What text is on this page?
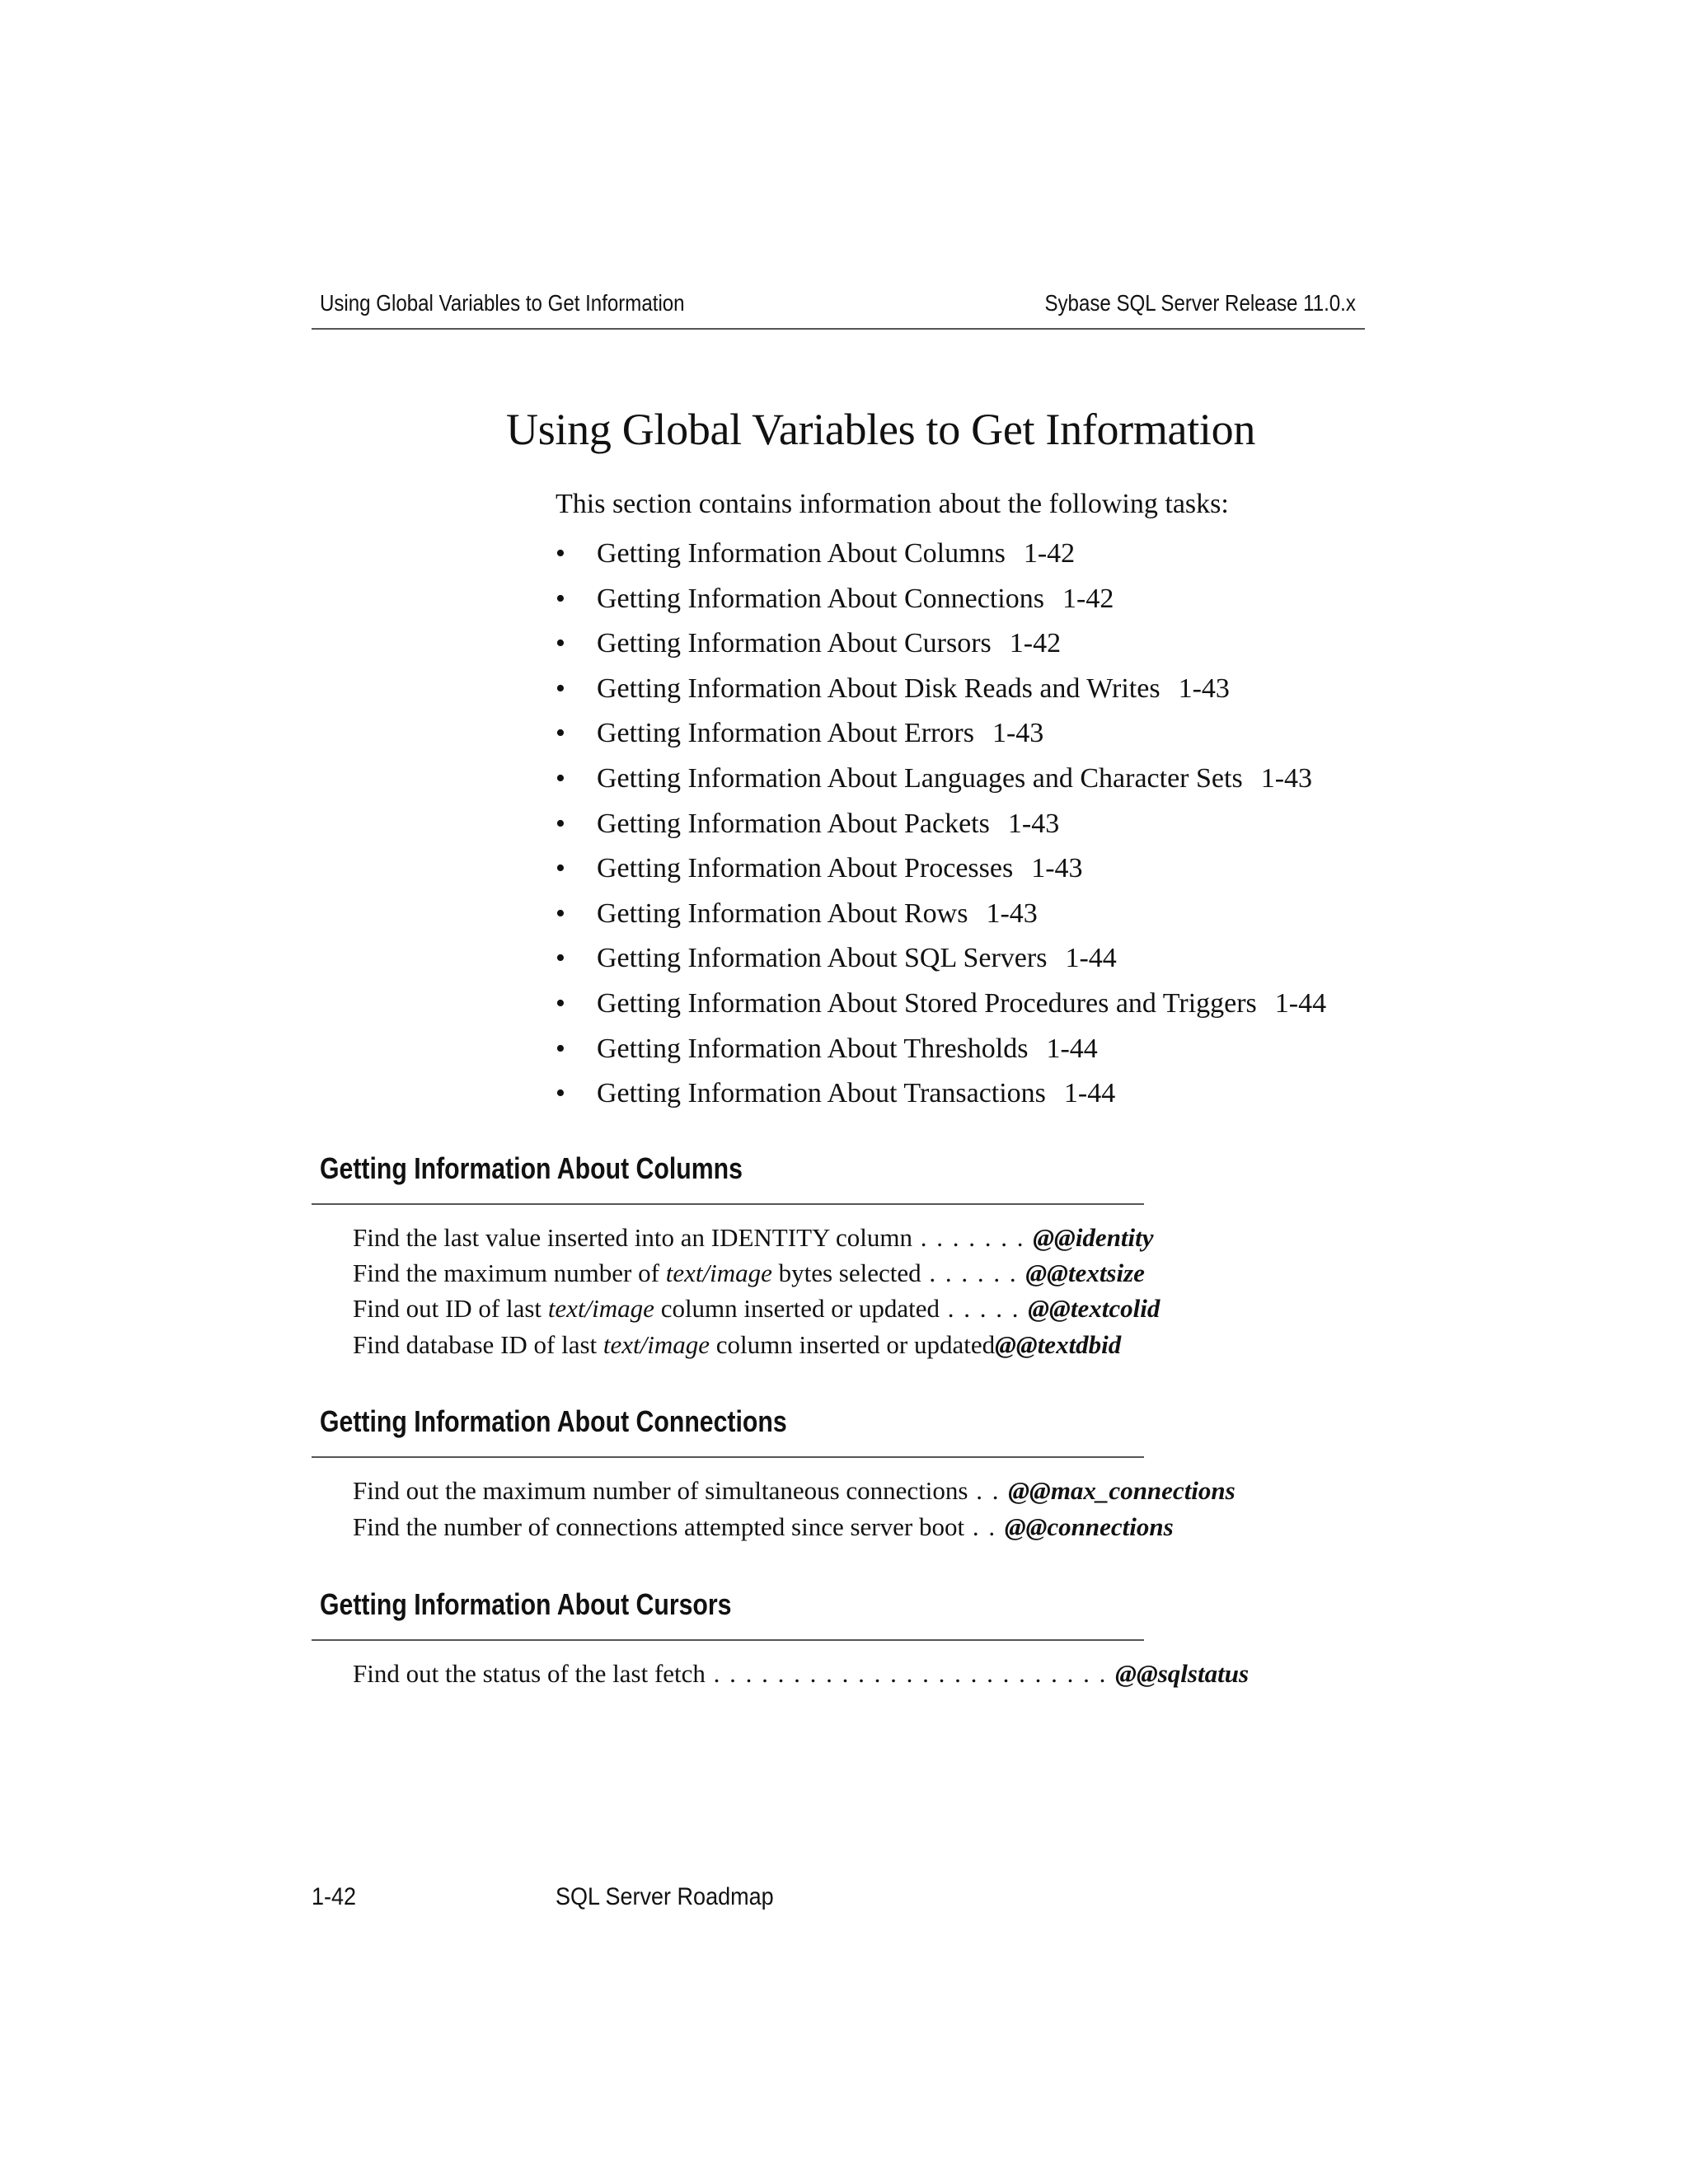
Using Global Variables to Get Information	Sybase SQL Server Release 11.0.x
Using Global Variables to Get Information
This section contains information about the following tasks:
• Getting Information About Columns 1-42
• Getting Information About Connections 1-42
• Getting Information About Cursors 1-42
• Getting Information About Disk Reads and Writes 1-43
• Getting Information About Errors 1-43
• Getting Information About Languages and Character Sets 1-43
• Getting Information About Packets 1-43
• Getting Information About Processes 1-43
• Getting Information About Rows 1-43
• Getting Information About SQL Servers 1-44
• Getting Information About Stored Procedures and Triggers 1-44
• Getting Information About Thresholds 1-44
• Getting Information About Transactions 1-44
Getting Information About Columns
Find the last value inserted into an IDENTITY column . . . . . . . @@identity
Find the maximum number of text/image bytes selected . . . . . . @@textsize
Find out ID of last text/image column inserted or updated . . . . . @@textcolid
Find database ID of last text/image column inserted or updated@@textdbid
Getting Information About Connections
Find out the maximum number of simultaneous connections . . @@max_connections
Find the number of connections attempted since server boot . . @@connections
Getting Information About Cursors
Find out the status of the last fetch . . . . . . . . . . . . . . . . . . . . . . . . . @@sqlstatus
1-42	SQL Server Roadmap
